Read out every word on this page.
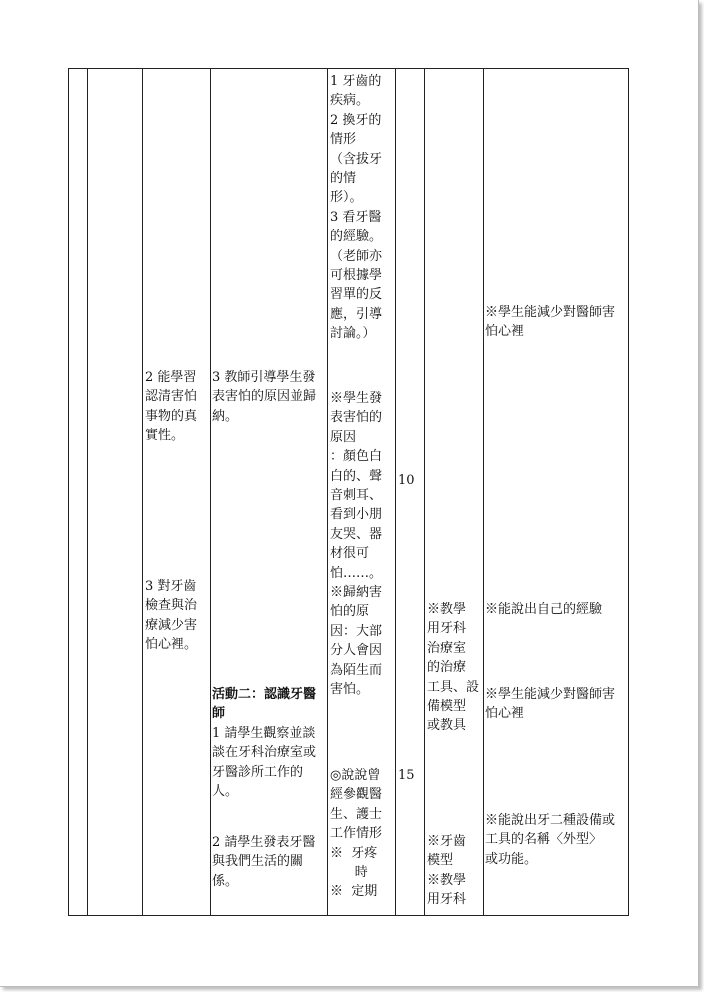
2 能學習
認清害怕
事物的真
實性。
3 對牙齒
檢查與治
療減少害
怕心裡。
3 教師引導學生發
表害怕的原因並歸
納。
活動二：認識牙醫
師
1 請學生觀察並談
談在牙科治療室或
牙醫診所工作的
人。
2 請學生發表牙醫
與我們生活的關
係。
1 牙齒的
疾病。
2 換牙的
情形
（含拔牙
的情
形）。
3 看牙醫
的經驗。
（老師亦
可根據學
習單的反
應，引導
討論。）
※學生發
表害怕的
原因
：顏色白
白的、聲
音刺耳、
看到小朋
友哭、器
材很可
怕……。
※歸納害
怕的原
因：大部
分人會因
為陌生而
害怕。
◎說說曾
經參觀醫
生、護士
工作情形
※  牙疼
時
※  定期
10
15
※教學
用牙科
治療室
的治療
工具、設
備模型
或教具
※牙齒
模型
※教學
用牙科
※學生能減少對醫師害
怕心裡
※能說出自己的經驗
※學生能減少對醫師害
怕心裡
※能說出牙二種設備或
工具的名稱〈外型〉
或功能。
